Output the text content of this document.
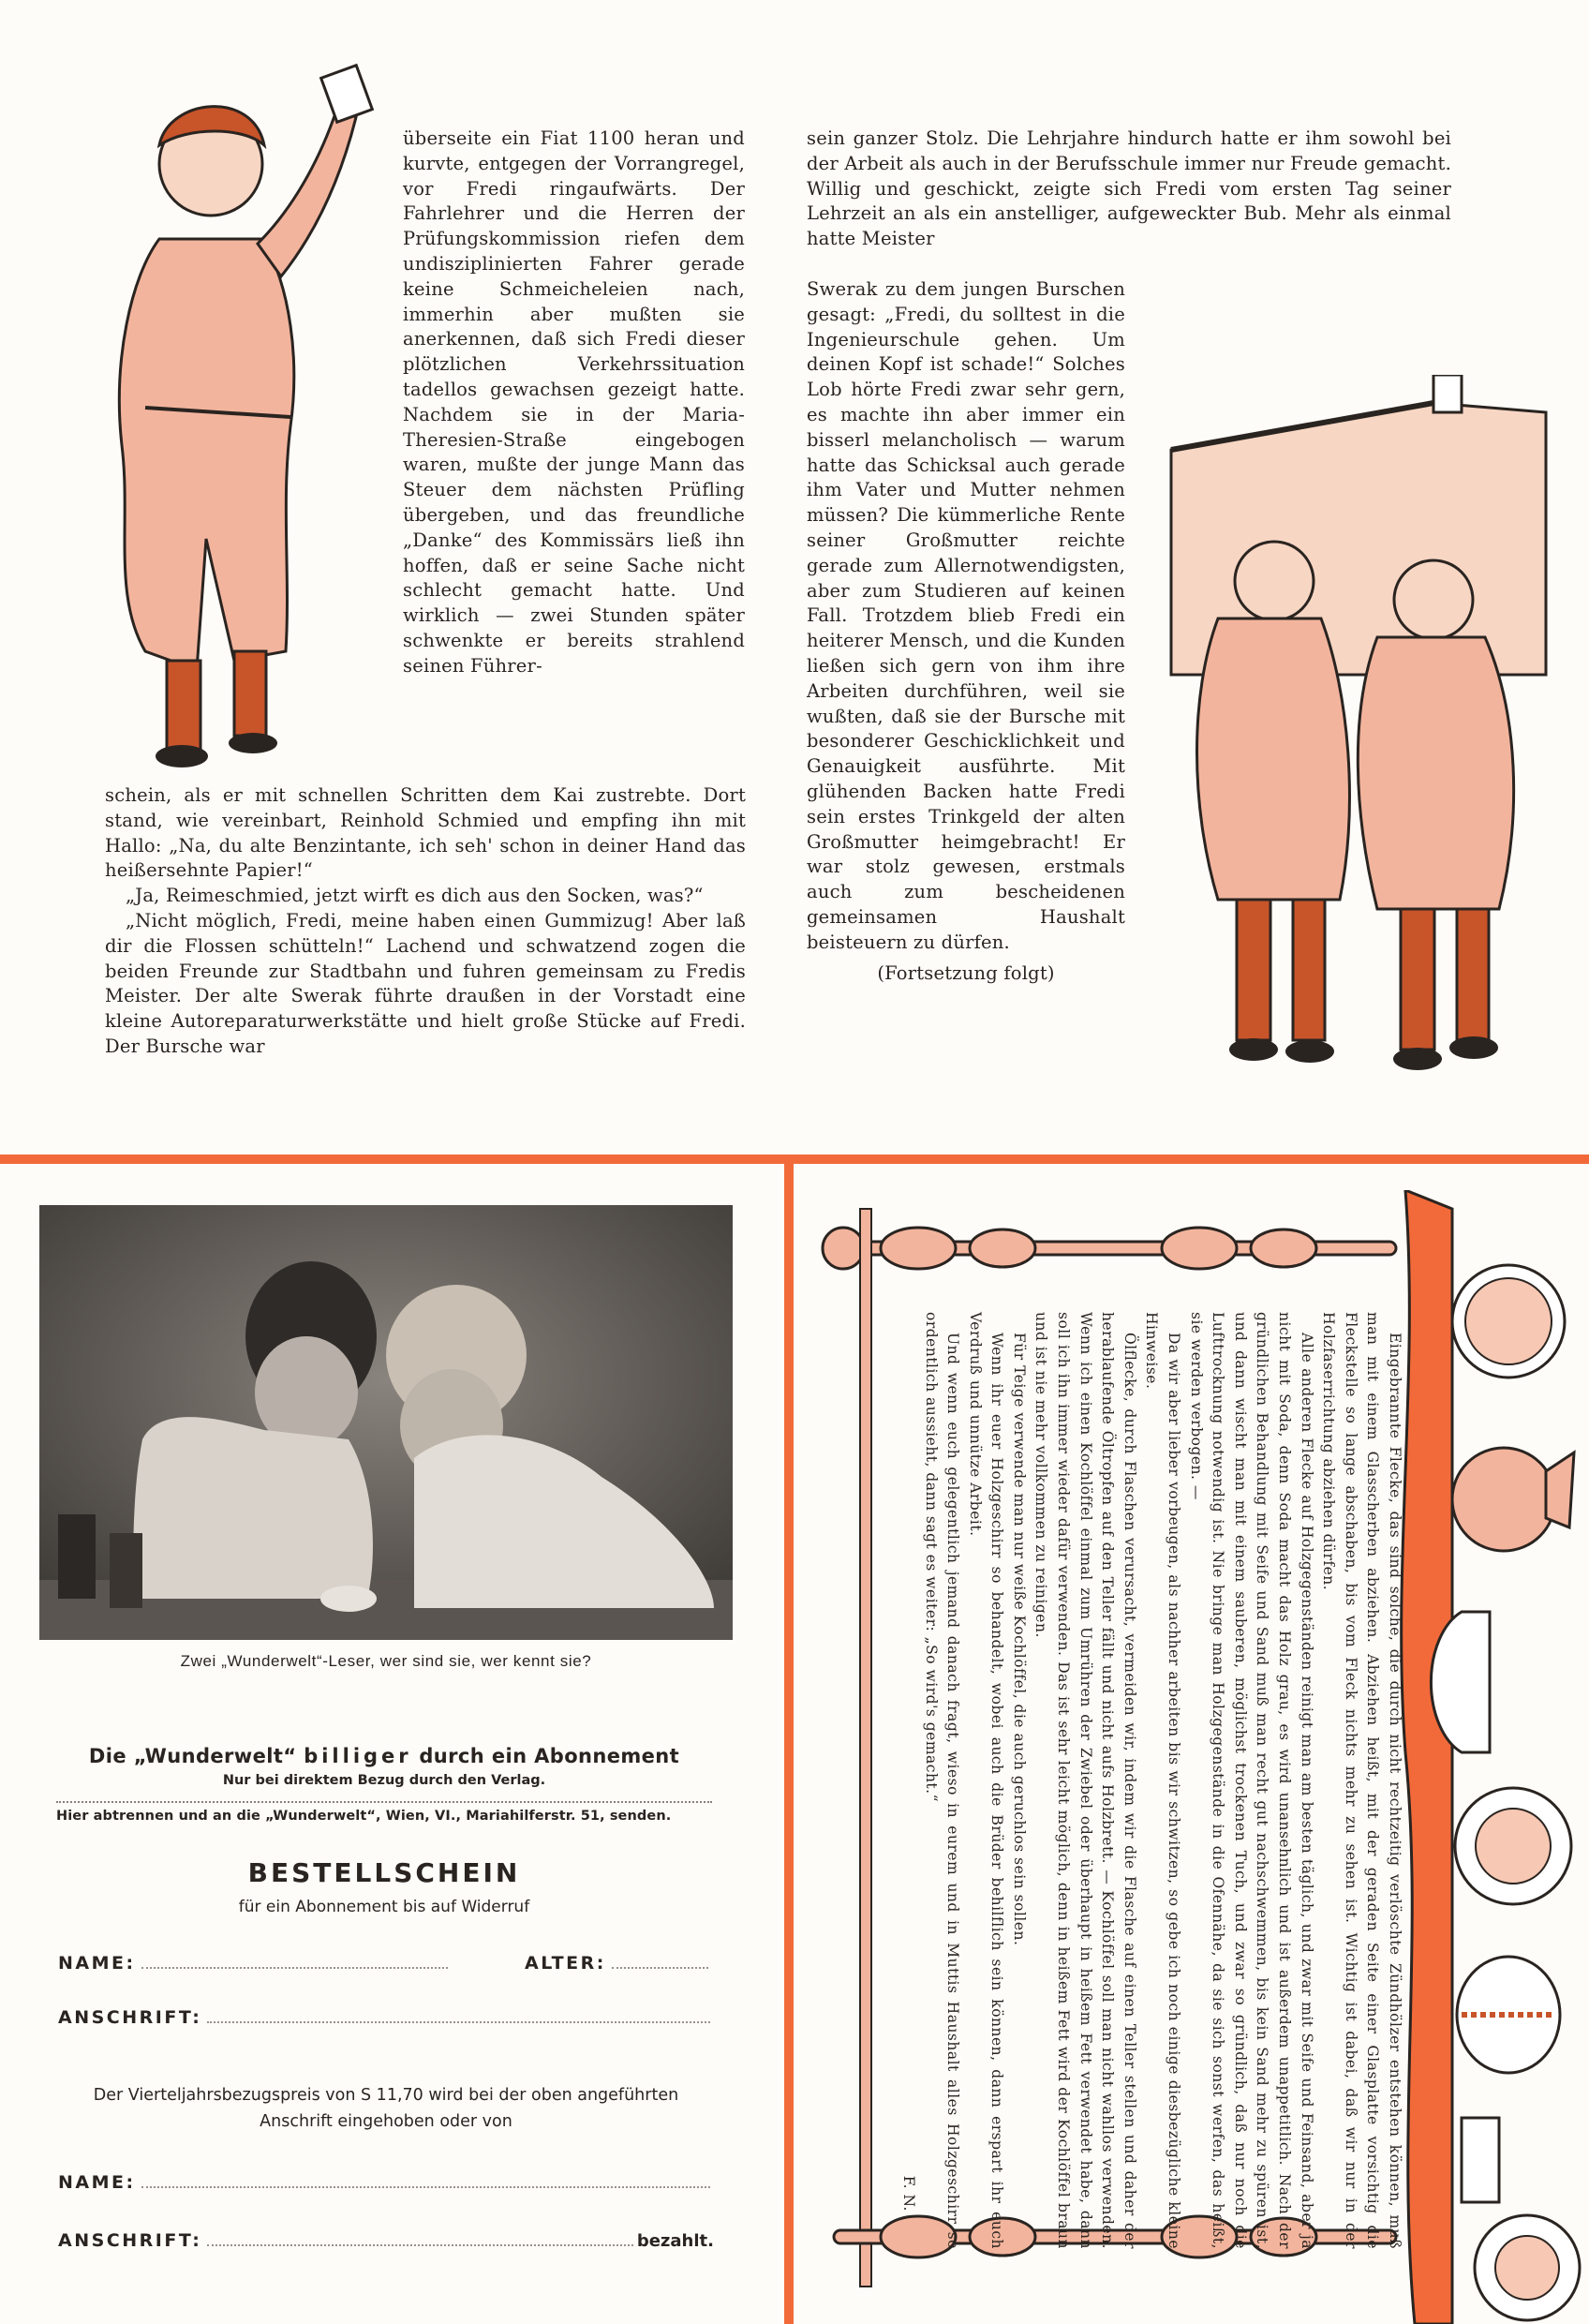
überseite ein Fiat 1100 heran und kurvte, entgegen der Vorrangregel, vor Fredi ringaufwärts. Der Fahrlehrer und die Herren der Prüfungskommission riefen dem undisziplinierten Fahrer gerade keine Schmeicheleien nach, immerhin aber mußten sie anerkennen, daß sich Fredi dieser plötzlichen Verkehrssituation tadellos gewachsen gezeigt hatte. Nachdem sie in der Maria-Theresien-Straße eingebogen waren, mußte der junge Mann das Steuer dem nächsten Prüfling übergeben, und das freundliche „Danke“ des Kommissärs ließ ihn hoffen, daß er seine Sache nicht schlecht gemacht hatte. Und wirklich — zwei Stunden später schwenkte er bereits strahlend seinen Führer-

schein, als er mit schnellen Schritten dem Kai zustrebte. Dort stand, wie vereinbart, Reinhold Schmied und empfing ihn mit Hallo: „Na, du alte Benzintante, ich seh' schon in deiner Hand das heißersehnte Papier!“

„Ja, Reimeschmied, jetzt wirft es dich aus den Socken, was?“

„Nicht möglich, Fredi, meine haben einen Gummizug! Aber laß dir die Flossen schütteln!“ Lachend und schwatzend zogen die beiden Freunde zur Stadtbahn und fuhren gemeinsam zu Fredis Meister. Der alte Swerak führte draußen in der Vorstadt eine kleine Autoreparaturwerkstätte und hielt große Stücke auf Fredi. Der Bursche war

sein ganzer Stolz. Die Lehrjahre hindurch hatte er ihm sowohl bei der Arbeit als auch in der Berufsschule immer nur Freude gemacht. Willig und geschickt, zeigte sich Fredi vom ersten Tag seiner Lehrzeit an als ein anstelliger, aufgeweckter Bub. Mehr als einmal hatte Meister

Swerak zu dem jungen Burschen gesagt: „Fredi, du solltest in die Ingenieurschule gehen. Um deinen Kopf ist schade!“ Solches Lob hörte Fredi zwar sehr gern, es machte ihn aber immer ein bisserl melancholisch — warum hatte das Schicksal auch gerade ihm Vater und Mutter nehmen müssen? Die kümmerliche Rente seiner Großmutter reichte gerade zum Allernotwendigsten, aber zum Studieren auf keinen Fall. Trotzdem blieb Fredi ein heiterer Mensch, und die Kunden ließen sich gern von ihm ihre Arbeiten durchführen, weil sie wußten, daß sie der Bursche mit besonderer Geschicklichkeit und Genauigkeit ausführte. Mit glühenden Backen hatte Fredi sein erstes Trinkgeld der alten Großmutter heimgebracht! Er war stolz gewesen, erstmals auch zum bescheidenen gemeinsamen Haushalt beisteuern zu dürfen.

(Fortsetzung folgt)

Zwei „Wunderwelt“-Leser, wer sind sie, wer kennt sie?
Die „Wunderwelt“ billiger durch ein Abonnement
Nur bei direktem Bezug durch den Verlag.
Hier abtrennen und an die „Wunderwelt“, Wien, VI., Mariahilferstr. 51, senden.
BESTELLSCHEIN
für ein Abonnement bis auf Widerruf
NAME:	ALTER:
ANSCHRIFT:
Der Vierteljahrsbezugspreis von S 11,70 wird bei der oben angeführten Anschrift eingehoben oder von
NAME:
ANSCHRIFT:	bezahlt.	Eingebrannte Flecke, das sind solche, die durch nicht rechtzeitig verlöschte Zündhölzer entstehen können, muß man mit einem Glasscherben abziehen. Abziehen heißt, mit der geraden Seite einer Glasplatte vorsichtig die Fleckstelle so lange abschaben, bis vom Fleck nichts mehr zu sehen ist. Wichtig ist dabei, daß wir nur in der Holzfaserrichtung abziehen dürfen.

Alle anderen Flecke auf Holzgegenständen reinigt man am besten täglich, und zwar mit Seife und Feinsand, aber ja nicht mit Soda, denn Soda macht das Holz grau, es wird unansehnlich und ist außerdem unappetitlich. Nach der gründlichen Behandlung mit Seife und Sand muß man recht gut nachschwemmen, bis kein Sand mehr zu spüren ist, und dann wischt man mit einem sauberen, möglichst trockenen Tuch, und zwar so gründlich, daß nur noch die Lufttrocknung notwendig ist. Nie bringe man Holzgegenstände in die Ofennähe, da sie sich sonst werfen, das heißt, sie werden verbogen. —

Da wir aber lieber vorbeugen, als nachher arbeiten bis wir schwitzen, so gebe ich noch einige diesbezügliche kleine Hinweise.

Ölflecke, durch Flaschen verursacht, vermeiden wir, indem wir die Flasche auf einen Teller stellen und daher der herablaufende Öltropfen auf den Teller fällt und nicht aufs Holzbrett. — Kochlöffel soll man nicht wahllos verwenden. Wenn ich einen Kochlöffel einmal zum Umrühren der Zwiebel oder überhaupt in heißem Fett verwendet habe, dann soll ich ihn immer wieder dafür verwenden. Das ist sehr leicht möglich, denn in heißem Fett wird der Kochlöffel braun und ist nie mehr vollkommen zu reinigen.

Für Teige verwende man nur weiße Kochlöffel, die auch geruchlos sein sollen.

Wenn ihr euer Holzgeschirr so behandelt, wobei auch die Brüder behilflich sein können, dann erspart ihr euch Verdruß und unnütze Arbeit.

Und wenn euch gelegentlich jemand danach fragt, wieso in eurem und in Muttis Haushalt alles Holzgeschirr so ordentlich aussieht, dann sagt es weiter: „So wird's gemacht.“

F. N.
